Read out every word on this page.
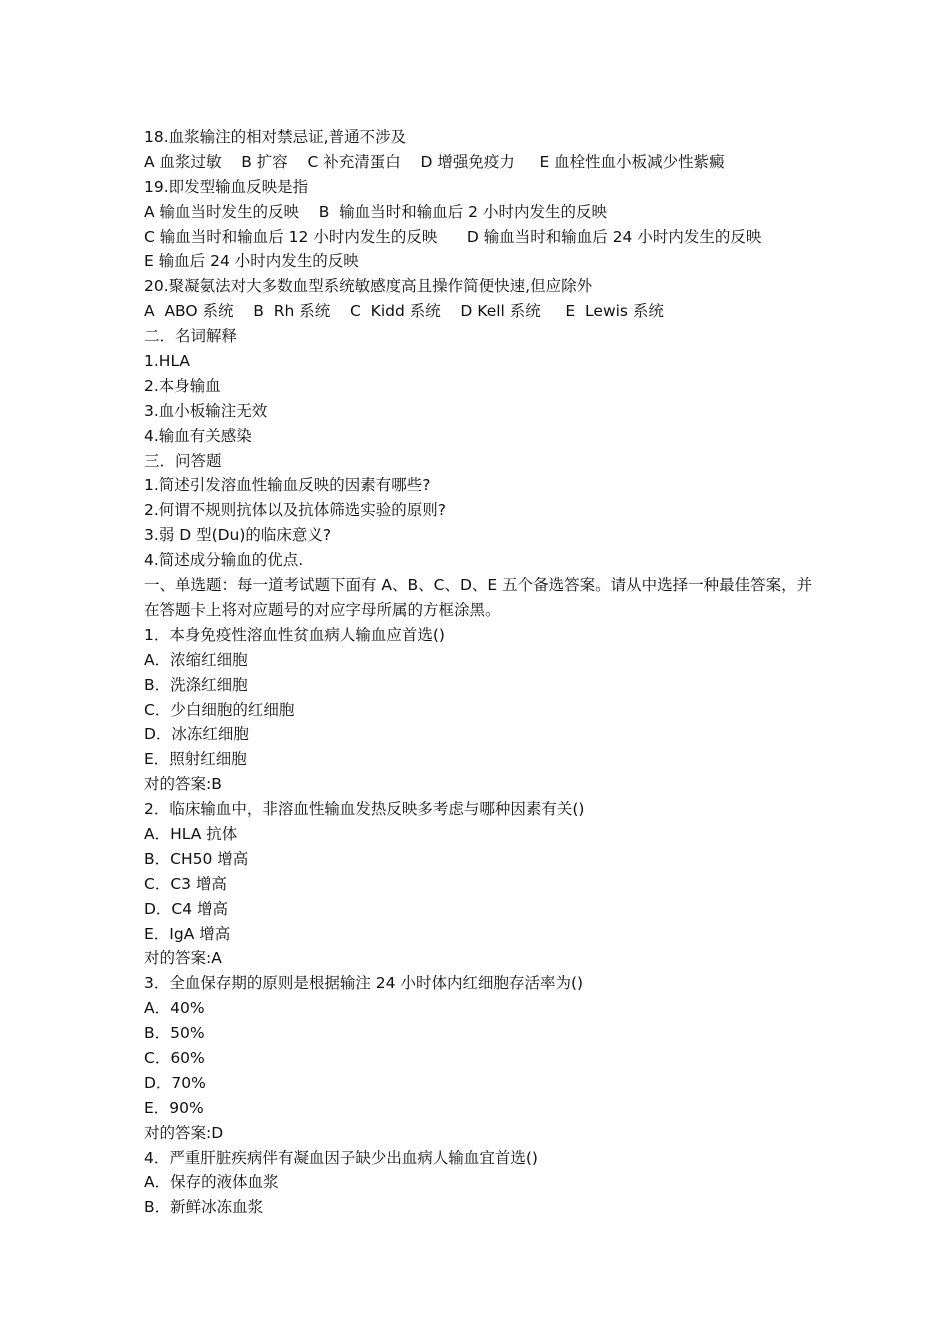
18.血浆输注的相对禁忌证,普通不涉及
A 血浆过敏    B 扩容    C 补充清蛋白    D 增强免疫力     E 血栓性血小板减少性紫癜
19.即发型输血反映是指
A 输血当时发生的反映    B  输血当时和输血后 2 小时内发生的反映
C 输血当时和输血后 12 小时内发生的反映      D 输血当时和输血后 24 小时内发生的反映
E 输血后 24 小时内发生的反映
20.聚凝氨法对大多数血型系统敏感度高且操作简便快速,但应除外
A  ABO 系统    B  Rh 系统    C  Kidd 系统    D Kell 系统     E  Lewis 系统
二．名词解释
1.HLA
2.本身输血
3.血小板输注无效
4.输血有关感染
三．问答题
1.简述引发溶血性输血反映的因素有哪些?
2.何谓不规则抗体以及抗体筛选实验的原则?
3.弱 D 型(Du)的临床意义?
4.简述成分输血的优点.
一、单选题：每一道考试题下面有 A、B、C、D、E 五个备选答案。请从中选择一种最佳答案，并在答题卡上将对应题号的对应字母所属的方框涂黑。
1．本身免疫性溶血性贫血病人输血应首选()
A．浓缩红细胞
B．洗涤红细胞
C．少白细胞的红细胞
D．冰冻红细胞
E．照射红细胞
对的答案:B
2．临床输血中，非溶血性输血发热反映多考虑与哪种因素有关()
A．HLA 抗体
B．CH50 增高
C．C3 增高
D．C4 增高
E．IgA 增高
对的答案:A
3．全血保存期的原则是根据输注 24 小时体内红细胞存活率为()
A．40%
B．50%
C．60%
D．70%
E．90%
对的答案:D
4．严重肝脏疾病伴有凝血因子缺少出血病人输血宜首选()
A．保存的液体血浆
B．新鲜冰冻血浆
